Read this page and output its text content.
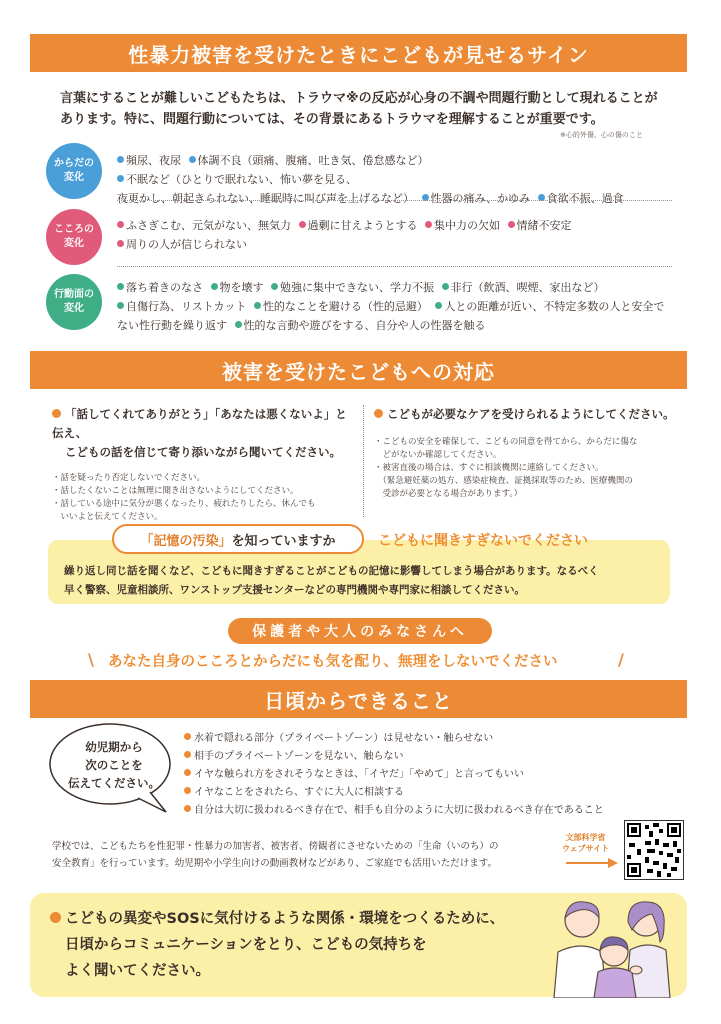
性暴力被害を受けたときにこどもが見せるサイン
言葉にすることが難しいこどもたちは、トラウマ※の反応が心身の不調や問題行動として現れることが
あります。特に、問題行動については、その背景にあるトラウマを理解することが重要です。
※心的外傷、心の傷のこと
からだの
変化
頻尿、夜尿 体調不良（頭痛、腹痛、吐き気、倦怠感など） 不眠など（ひとりで眠れない、怖い夢を見る、
夜更かし、朝起きられない、睡眠時に叫び声を上げるなど） 性器の痛み、かゆみ 食欲不振、過食
こころの
変化
ふさぎこむ、元気がない、無気力 過剰に甘えようとする 集中力の欠如 情緒不安定
周りの人が信じられない
行動面の
変化
落ち着きのなさ 物を壊す 勉強に集中できない、学力不振 非行（飲酒、喫煙、家出など）
自傷行為、リストカット 性的なことを避ける（性的忌避） 人との距離が近い、不特定多数の人と安全で
ない性行動を繰り返す 性的な言動や遊びをする、自分や人の性器を触る
被害を受けたこどもへの対応
「話してくれてありがとう」「あなたは悪くないよ」と伝え、
こどもの話を信じて寄り添いながら聞いてください。
・話を疑ったり否定しないでください。
・話したくないことは無理に聞き出さないようにしてください。
・話している途中に気分が悪くなったり、疲れたりしたら、休んでも
　いいよと伝えてください。
こどもが必要なケアを受けられるようにしてください。
・こどもの安全を確保して、こどもの同意を得てから、からだに傷な
　どがないか確認してください。
・被害直後の場合は、すぐに相談機関に連絡してください。
　（緊急避妊薬の処方、感染症検査、証拠採取等のため、医療機関の
　受診が必要となる場合があります。）
「記憶の汚染」 を知っていますか	こどもに聞きすぎないでください
繰り返し同じ話を聞くなど、こどもに聞きすぎることがこどもの記憶に影響してしまう場合があります。なるべく
早く警察、児童相談所、ワンストップ支援センターなどの専門機関や専門家に相談してください。
保護者や大人のみなさんへ
\ あなた自身のこころとからだにも気を配り、無理をしないでください	/
日頃からできること
幼児期から
次のことを
伝えてください。
水着で隠れる部分（プライベートゾーン）は見せない・触らせない
相手のプライベートゾーンを見ない、触らない
イヤな触られ方をされそうなときは、「イヤだ」「やめて」と言ってもいい
イヤなことをされたら、すぐに大人に相談する
自分は大切に扱われるべき存在で、相手も自分のように大切に扱われるべき存在であること
学校では、こどもたちを性犯罪・性暴力の加害者、被害者、傍観者にさせないための「生命（いのち）の
安全教育」を行っています。幼児期や小学生向けの動画教材などがあり、ご家庭でも活用いただけます。
文部科学省
ウェブサイト
こどもの異変やSOSに気付けるような関係・環境をつくるために、
日頃からコミュニケーションをとり、こどもの気持ちを
よく聞いてください。
